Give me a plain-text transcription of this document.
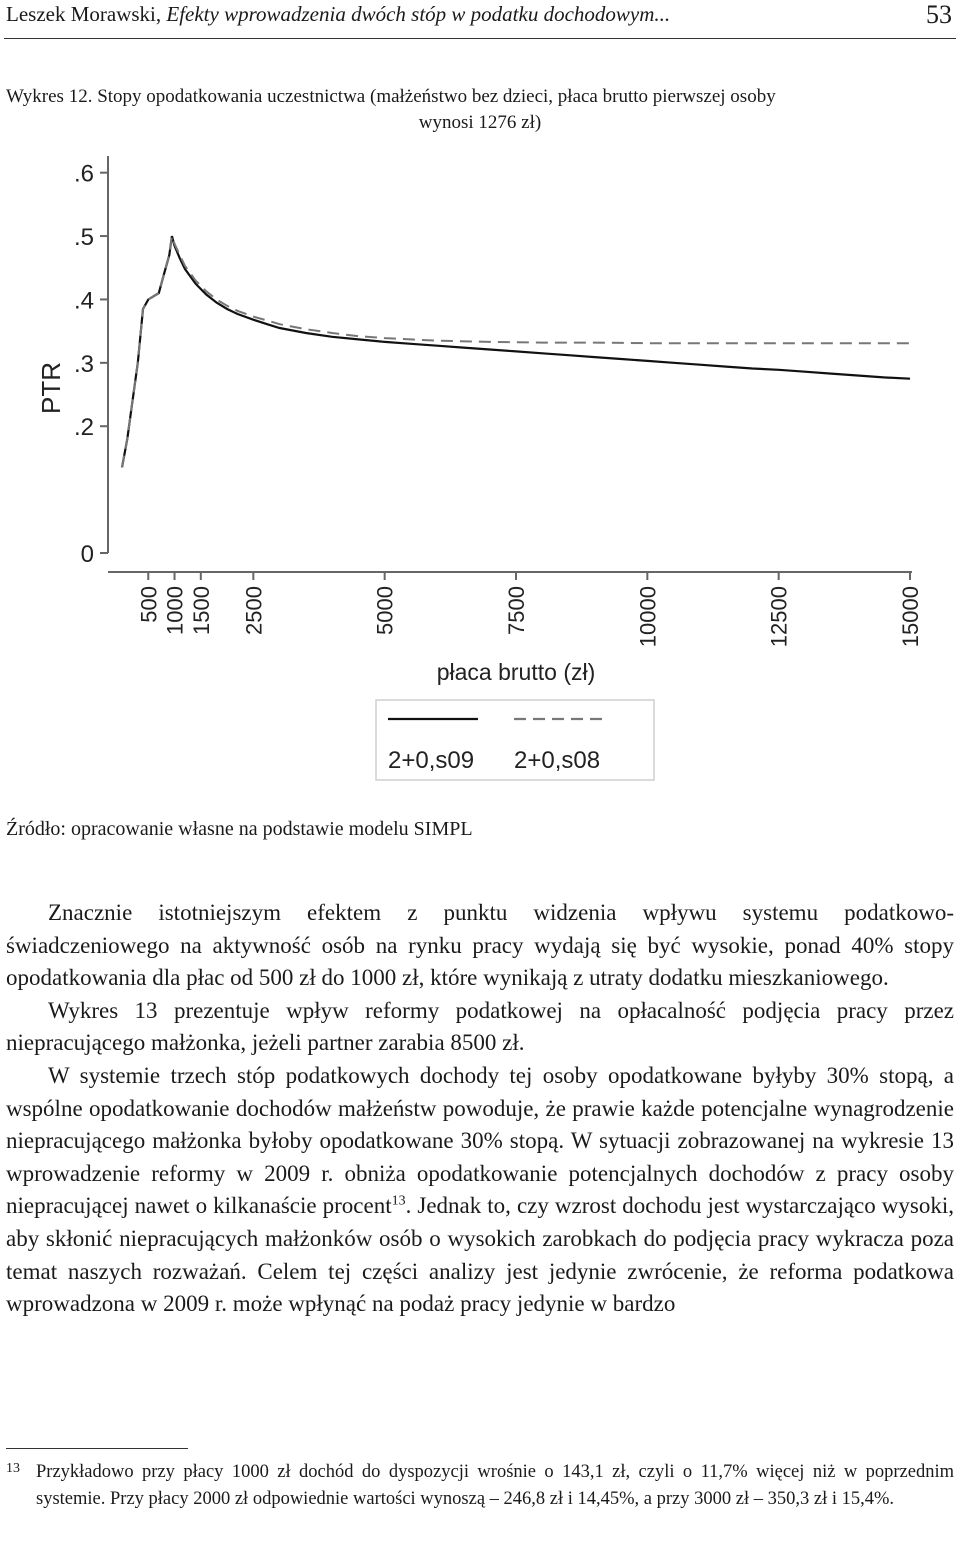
Leszek Morawski, Efekty wprowadzenia dwóch stóp w podatku dochodowym...	53
Wykres 12. Stopy opodatkowania uczestnictwa (małżeństwo bez dzieci, płaca brutto pierwszej osoby
wynosi 1276 zł)
0
.2
.3
.4
.5
.6
500 1000 1500 2500	5000	7500	10000	12500	15000
PTR
płaca brutto (zł)
2+0,s09 2+0,s08
Źródło: opracowanie własne na podstawie modelu SIMPL

Znacznie istotniejszym efektem z punktu widzenia wpływu systemu podatkowo-świadczeniowego na aktywność osób na rynku pracy wydają się być wysokie, ponad 40% stopy opodatkowania dla płac od 500 zł do 1000 zł, które wynikają z utraty dodatku mieszkaniowego.

Wykres 13 prezentuje wpływ reformy podatkowej na opłacalność podjęcia pracy przez niepracującego małżonka, jeżeli partner zarabia 8500 zł.

W systemie trzech stóp podatkowych dochody tej osoby opodatkowane byłyby 30% stopą, a wspólne opodatkowanie dochodów małżeństw powoduje, że prawie każde potencjalne wynagrodzenie niepracującego małżonka byłoby opodatkowane 30% stopą. W sytuacji zobrazowanej na wykresie 13 wprowadzenie reformy w 2009 r. obniża opodatkowanie potencjalnych dochodów z pracy osoby niepracującej nawet o kilkanaście procent$^{13}$. Jednak to, czy wzrost dochodu jest wystarczająco wysoki, aby skłonić niepracujących małżonków osób o wysokich zarobkach do podjęcia pracy wykracza poza temat naszych rozważań. Celem tej części analizy jest jedynie zwrócenie, że reforma podatkowa wprowadzona w 2009 r. może wpłynąć na podaż pracy jedynie w bardzo

13 Przykładowo przy płacy 1000 zł dochód do dyspozycji wrośnie o 143,1 zł, czyli o 11,7% więcej niż w poprzednim systemie. Przy płacy 2000 zł odpowiednie wartości wynoszą – 246,8 zł i 14,45%, a przy 3000 zł – 350,3 zł i 15,4%.
